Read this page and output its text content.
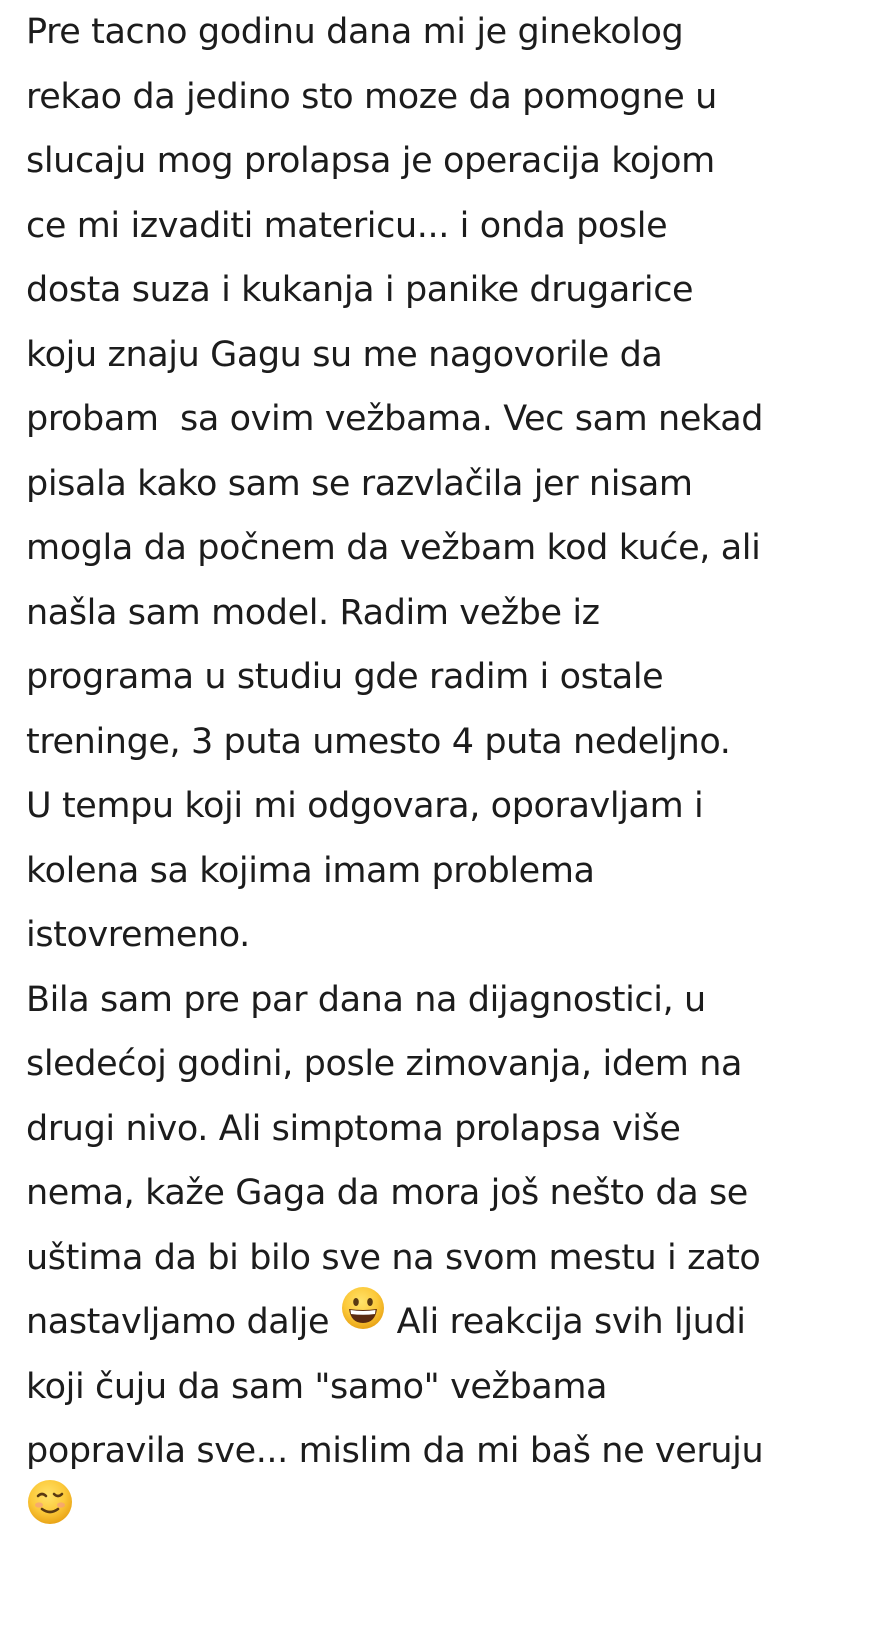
Pre tacno godinu dana mi je ginekolog
rekao da jedino sto moze da pomogne u
slucaju mog prolapsa je operacija kojom
ce mi izvaditi matericu... i onda posle
dosta suza i kukanja i panike drugarice
koju znaju Gagu su me nagovorile da
probam  sa ovim vežbama. Vec sam nekad
pisala kako sam se razvlačila jer nisam
mogla da počnem da vežbam kod kuće, ali
našla sam model. Radim vežbe iz
programa u studiu gde radim i ostale
treninge, 3 puta umesto 4 puta nedeljno.
U tempu koji mi odgovara, oporavljam i
kolena sa kojima imam problema
istovremeno.
Bila sam pre par dana na dijagnostici, u
sledećoj godini, posle zimovanja, idem na
drugi nivo. Ali simptoma prolapsa više
nema, kaže Gaga da mora još nešto da se
uštima da bi bilo sve na svom mestu i zato
nastavljamo dalje  Ali reakcija svih ljudi
koji čuju da sam "samo" vežbama
popravila sve... mislim da mi baš ne veruju
